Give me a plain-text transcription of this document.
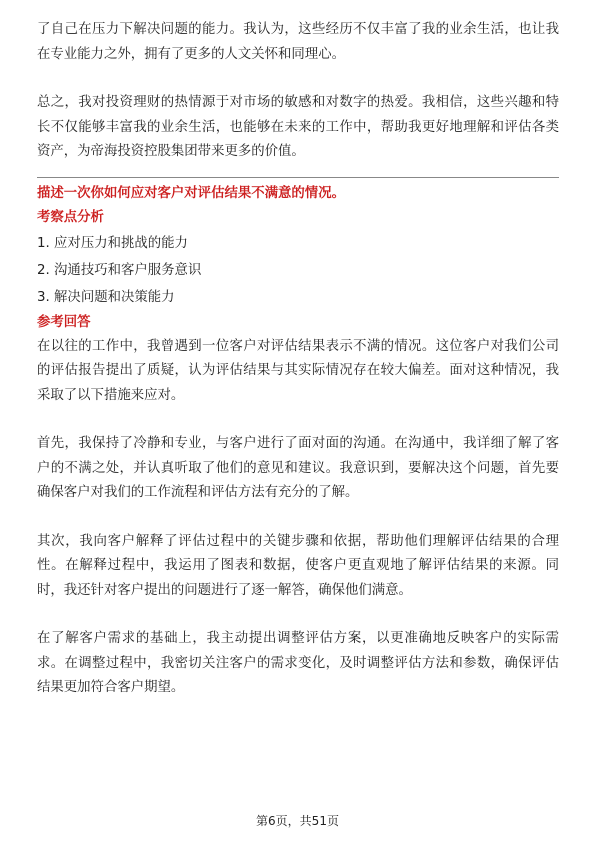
了自己在压力下解决问题的能力。我认为，这些经历不仅丰富了我的业余生活，也让我在专业能力之外，拥有了更多的人文关怀和同理心。

总之，我对投资理财的热情源于对市场的敏感和对数字的热爱。我相信，这些兴趣和特长不仅能够丰富我的业余生活，也能够在未来的工作中，帮助我更好地理解和评估各类资产，为帝海投资控股集团带来更多的价值。

描述一次你如何应对客户对评估结果不满意的情况。

考察点分析

1. 应对压力和挑战的能力

2. 沟通技巧和客户服务意识

3. 解决问题和决策能力

参考回答

在以往的工作中，我曾遇到一位客户对评估结果表示不满的情况。这位客户对我们公司的评估报告提出了质疑，认为评估结果与其实际情况存在较大偏差。面对这种情况，我采取了以下措施来应对。

首先，我保持了冷静和专业，与客户进行了面对面的沟通。在沟通中，我详细了解了客户的不满之处，并认真听取了他们的意见和建议。我意识到，要解决这个问题，首先要确保客户对我们的工作流程和评估方法有充分的了解。

其次，我向客户解释了评估过程中的关键步骤和依据，帮助他们理解评估结果的合理性。在解释过程中，我运用了图表和数据，使客户更直观地了解评估结果的来源。同时，我还针对客户提出的问题进行了逐一解答，确保他们满意。

在了解客户需求的基础上，我主动提出调整评估方案，以更准确地反映客户的实际需求。在调整过程中，我密切关注客户的需求变化，及时调整评估方法和参数，确保评估结果更加符合客户期望。

第6页，共51页
